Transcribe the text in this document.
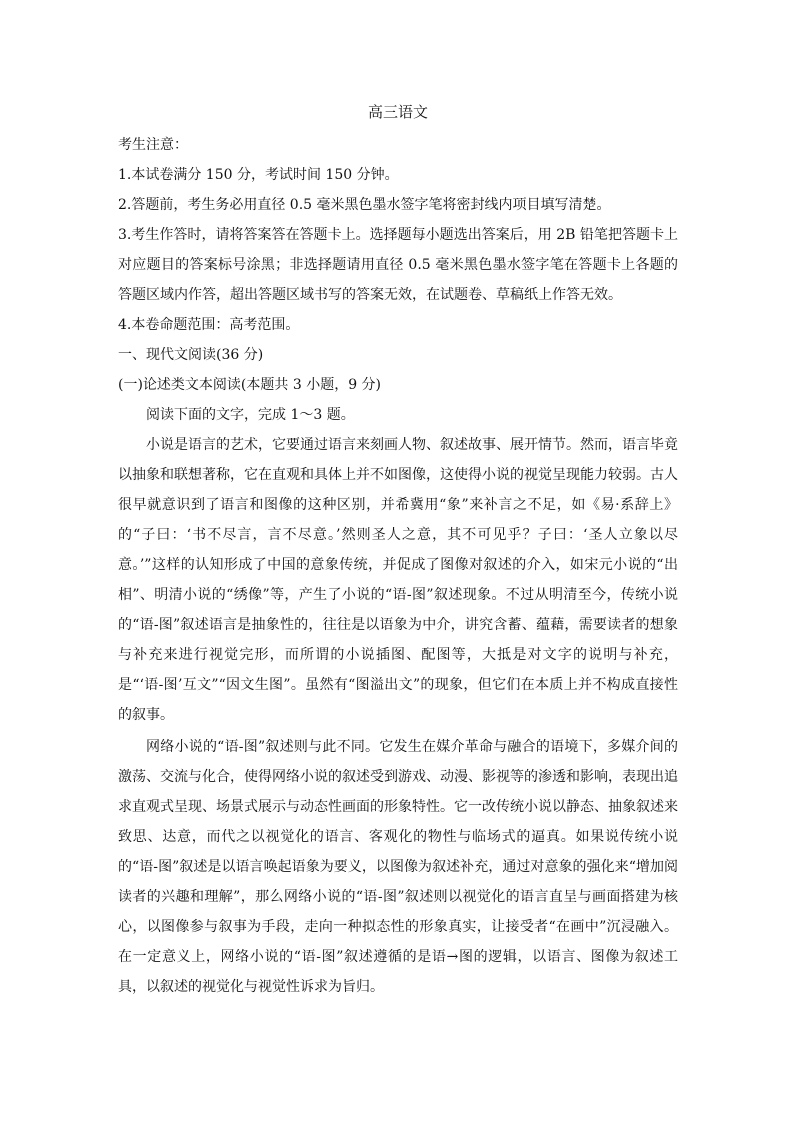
高三语文
考生注意：
1.本试卷满分 150 分，考试时间 150 分钟。
2.答题前，考生务必用直径 0.5 毫米黑色墨水签字笔将密封线内项目填写清楚。
3.考生作答时，请将答案答在答题卡上。选择题每小题选出答案后，用 2B 铅笔把答题卡上对应题目的答案标号涂黑；非选择题请用直径 0.5 毫米黑色墨水签字笔在答题卡上各题的答题区域内作答，超出答题区域书写的答案无效，在试题卷、草稿纸上作答无效。
4.本卷命题范围：高考范围。
一、现代文阅读(36 分)
(一)论述类文本阅读(本题共 3 小题，9 分)
阅读下面的文字，完成 1～3 题。
小说是语言的艺术，它要通过语言来刻画人物、叙述故事、展开情节。然而，语言毕竟以抽象和联想著称，它在直观和具体上并不如图像，这使得小说的视觉呈现能力较弱。古人很早就意识到了语言和图像的这种区别，并希冀用“象”来补言之不足，如《易·系辞上》的“子曰：‘书不尽言，言不尽意。’然则圣人之意，其不可见乎？子曰：‘圣人立象以尽意。’”这样的认知形成了中国的意象传统，并促成了图像对叙述的介入，如宋元小说的“出相”、明清小说的“绣像”等，产生了小说的“语-图”叙述现象。不过从明清至今，传统小说的“语-图”叙述语言是抽象性的，往往是以语象为中介，讲究含蓄、蕴藉，需要读者的想象与补充来进行视觉完形，而所谓的小说插图、配图等，大抵是对文字的说明与补充，是“‘语-图’互文”“因文生图”。虽然有“图溢出文”的现象，但它们在本质上并不构成直接性的叙事。
网络小说的“语-图”叙述则与此不同。它发生在媒介革命与融合的语境下，多媒介间的激荡、交流与化合，使得网络小说的叙述受到游戏、动漫、影视等的渗透和影响，表现出追求直观式呈现、场景式展示与动态性画面的形象特性。它一改传统小说以静态、抽象叙述来致思、达意，而代之以视觉化的语言、客观化的物性与临场式的逼真。如果说传统小说的“语-图”叙述是以语言唤起语象为要义，以图像为叙述补充，通过对意象的强化来“增加阅读者的兴趣和理解”，那么网络小说的“语-图”叙述则以视觉化的语言直呈与画面搭建为核心，以图像参与叙事为手段，走向一种拟态性的形象真实，让接受者“在画中”沉浸融入。在一定意义上，网络小说的“语-图”叙述遵循的是语→图的逻辑，以语言、图像为叙述工具，以叙述的视觉化与视觉性诉求为旨归。
